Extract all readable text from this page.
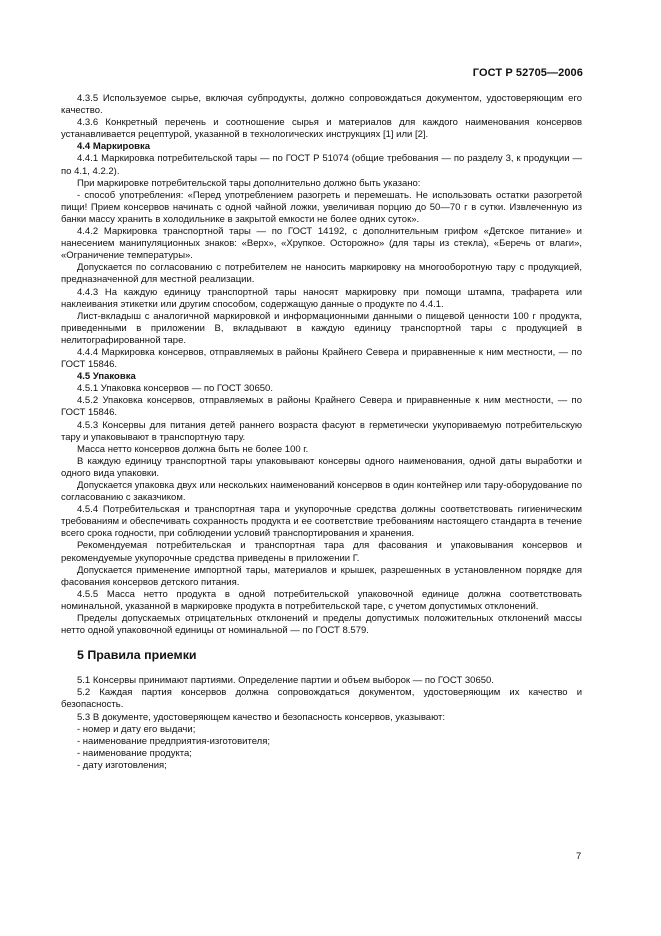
ГОСТ Р 52705—2006

4.3.5 Используемое сырье, включая субпродукты, должно сопровождаться документом, удостоверяющим его качество.

4.3.6 Конкретный перечень и соотношение сырья и материалов для каждого наименования консервов устанавливается рецептурой, указанной в технологических инструкциях [1] или [2].

4.4 Маркировка

4.4.1 Маркировка потребительской тары — по ГОСТ Р 51074 (общие требования — по разделу 3, к продукции — по 4.1, 4.2.2).

При маркировке потребительской тары дополнительно должно быть указано:

- способ употребления: «Перед употреблением разогреть и перемешать. Не использовать остатки разогретой пищи! Прием консервов начинать с одной чайной ложки, увеличивая порцию до 50—70 г в сутки. Извлеченную из банки массу хранить в холодильнике в закрытой емкости не более одних суток».

4.4.2 Маркировка транспортной тары — по ГОСТ 14192, с дополнительным грифом «Детское питание» и нанесением манипуляционных знаков: «Верх», «Хрупкое. Осторожно» (для тары из стекла), «Беречь от влаги», «Ограничение температуры».

Допускается по согласованию с потребителем не наносить маркировку на многооборотную тару с продукцией, предназначенной для местной реализации.

4.4.3 На каждую единицу транспортной тары наносят маркировку при помощи штампа, трафарета или наклеивания этикетки или другим способом, содержащую данные о продукте по 4.4.1.

Лист-вкладыш с аналогичной маркировкой и информационными данными о пищевой ценности 100 г продукта, приведенными в приложении В, вкладывают в каждую единицу транспортной тары с продукцией в нелитографированной таре.

4.4.4 Маркировка консервов, отправляемых в районы Крайнего Севера и приравненные к ним местности, — по ГОСТ 15846.

4.5 Упаковка

4.5.1 Упаковка консервов — по ГОСТ 30650.

4.5.2 Упаковка консервов, отправляемых в районы Крайнего Севера и приравненные к ним местности, — по ГОСТ 15846.

4.5.3 Консервы для питания детей раннего возраста фасуют в герметически укупориваемую потребительскую тару и упаковывают в транспортную тару.

Масса нетто консервов должна быть не более 100 г.

В каждую единицу транспортной тары упаковывают консервы одного наименования, одной даты выработки и одного вида упаковки.

Допускается упаковка двух или нескольких наименований консервов в один контейнер или тару-оборудование по согласованию с заказчиком.

4.5.4 Потребительская и транспортная тара и укупорочные средства должны соответствовать гигиеническим требованиям и обеспечивать сохранность продукта и ее соответствие требованиям настоящего стандарта в течение всего срока годности, при соблюдении условий транспортирования и хранения.

Рекомендуемая потребительская и транспортная тара для фасования и упаковывания консервов и рекомендуемые укупорочные средства приведены в приложении Г.

Допускается применение импортной тары, материалов и крышек, разрешенных в установленном порядке для фасования консервов детского питания.

4.5.5 Масса нетто продукта в одной потребительской упаковочной единице должна соответствовать номинальной, указанной в маркировке продукта в потребительской таре, с учетом допустимых отклонений.

Пределы допускаемых отрицательных отклонений и пределы допустимых положительных отклонений массы нетто одной упаковочной единицы от номинальной — по ГОСТ 8.579.

5 Правила приемки

5.1 Консервы принимают партиями. Определение партии и объем выборок — по ГОСТ 30650.

5.2 Каждая партия консервов должна сопровождаться документом, удостоверяющим их качество и безопасность.

5.3 В документе, удостоверяющем качество и безопасность консервов, указывают:

- номер и дату его выдачи;

- наименование предприятия-изготовителя;

- наименование продукта;

- дату изготовления;

7
